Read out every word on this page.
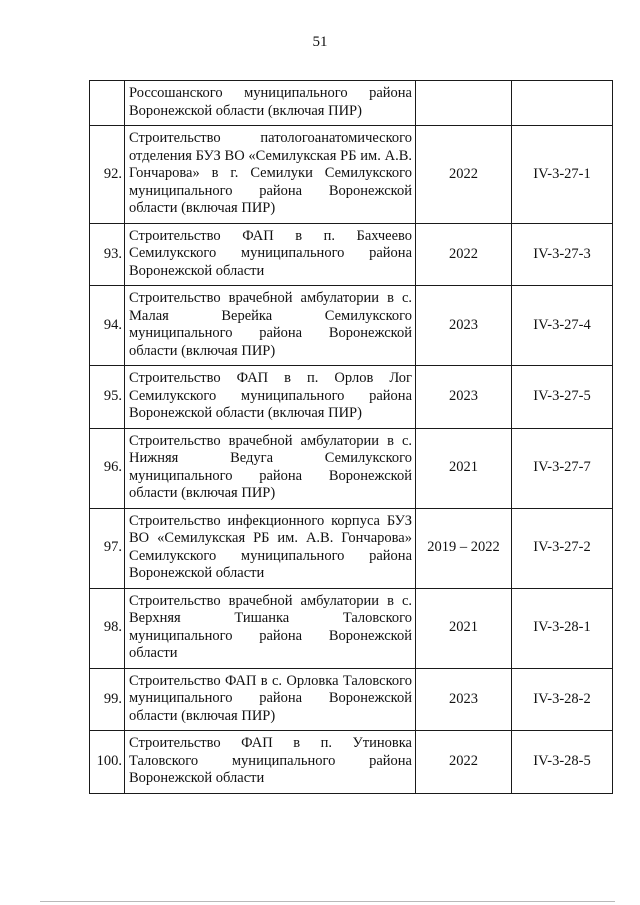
51
	Россошанского муниципального района Воронежской области (включая ПИР)		
92.	Строительство патологоанатомического отделения БУЗ ВО «Семилукская РБ им. А.В. Гончарова» в г. Семилуки Семилукского муниципального района Воронежской области (включая ПИР)	2022	IV-3-27-1
93.	Строительство ФАП в п. Бахчеево Семилукского муниципального района Воронежской области	2022	IV-3-27-3
94.	Строительство врачебной амбулатории в с. Малая Верейка Семилукского муниципального района Воронежской области (включая ПИР)	2023	IV-3-27-4
95.	Строительство ФАП в п. Орлов Лог Семилукского муниципального района Воронежской области (включая ПИР)	2023	IV-3-27-5
96.	Строительство врачебной амбулатории в с. Нижняя Ведуга Семилукского муниципального района Воронежской области (включая ПИР)	2021	IV-3-27-7
97.	Строительство инфекционного корпуса БУЗ ВО «Семилукская РБ им. А.В. Гончарова» Семилукского муниципального района Воронежской области	2019 – 2022	IV-3-27-2
98.	Строительство врачебной амбулатории в с. Верхняя Тишанка Таловского муниципального района Воронежской области	2021	IV-3-28-1
99.	Строительство ФАП в с. Орловка Таловского муниципального района Воронежской области (включая ПИР)	2023	IV-3-28-2
100.	Строительство ФАП в п. Утиновка Таловского муниципального района Воронежской области	2022	IV-3-28-5
